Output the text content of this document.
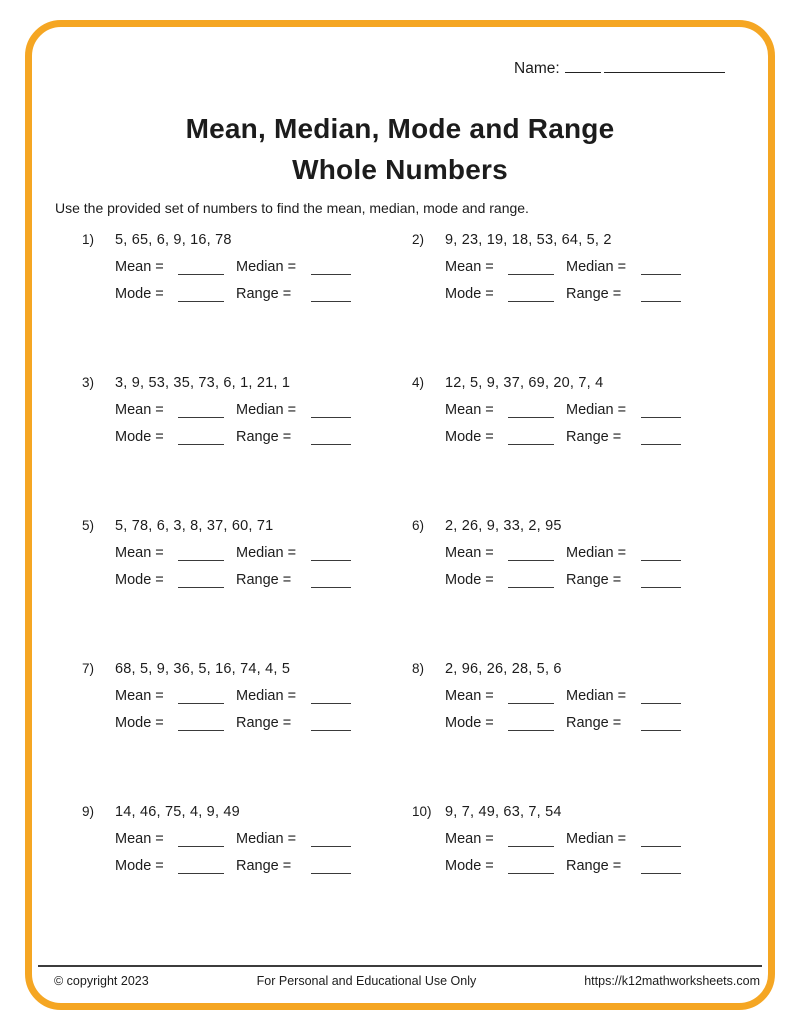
Name:
Mean, Median, Mode and Range
Whole Numbers
Use the provided set of numbers to find the mean, median, mode and range.
1)	5, 65, 6, 9, 16, 78
Mean =	Median =
Mode =	Range =
2)	9, 23, 19, 18, 53, 64, 5, 2
Mean =	Median =
Mode =	Range =
3)	3, 9, 53, 35, 73, 6, 1, 21, 1
Mean =	Median =
Mode =	Range =
4)	12, 5, 9, 37, 69, 20, 7, 4
Mean =	Median =
Mode =	Range =
5)	5, 78, 6, 3, 8, 37, 60, 71
Mean =	Median =
Mode =	Range =
6)	2, 26, 9, 33, 2, 95
Mean =	Median =
Mode =	Range =
7)	68, 5, 9, 36, 5, 16, 74, 4, 5
Mean =	Median =
Mode =	Range =
8)	2, 96, 26, 28, 5, 6
Mean =	Median =
Mode =	Range =
9)	14, 46, 75, 4, 9, 49
Mean =	Median =
Mode =	Range =
10) 9, 7, 49, 63, 7, 54
Mean =	Median =
Mode =	Range =
© copyright 2023	For Personal and Educational Use Only	https://k12mathworksheets.com
